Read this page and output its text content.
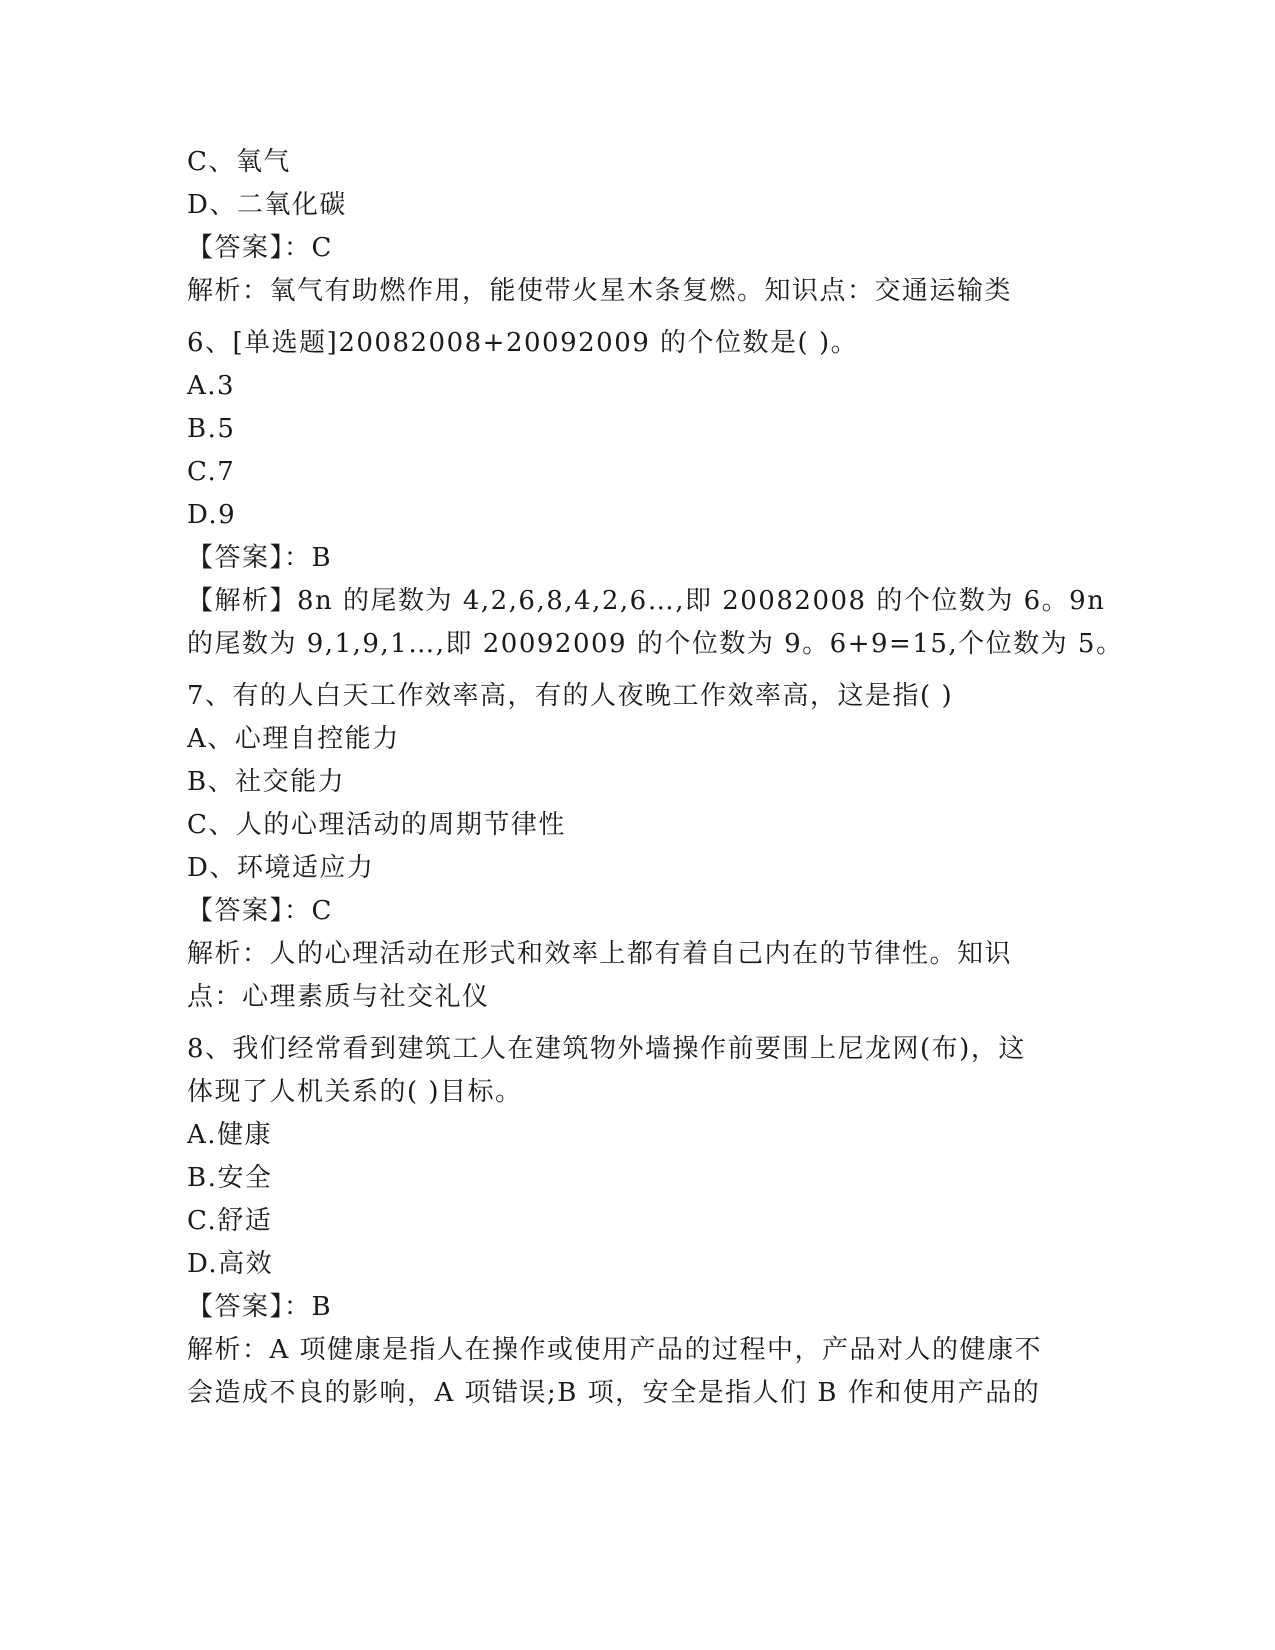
C、氧气
D、二氧化碳
【答案】：C
解析：氧气有助燃作用，能使带火星木条复燃。知识点：交通运输类
6、[单选题]20082008+20092009 的个位数是( )。
A.3
B.5
C.7
D.9
【答案】：B
【解析】8n 的尾数为 4,2,6,8,4,2,6…,即 20082008 的个位数为 6。9n
的尾数为 9,1,9,1…,即 20092009 的个位数为 9。6+9=15,个位数为 5。
7、有的人白天工作效率高，有的人夜晚工作效率高，这是指( )
A、心理自控能力
B、社交能力
C、人的心理活动的周期节律性
D、环境适应力
【答案】：C
解析：人的心理活动在形式和效率上都有着自己内在的节律性。知识
点：心理素质与社交礼仪
8、我们经常看到建筑工人在建筑物外墙操作前要围上尼龙网(布)，这
体现了人机关系的( )目标。
A.健康
B.安全
C.舒适
D.高效
【答案】：B
解析：A 项健康是指人在操作或使用产品的过程中，产品对人的健康不
会造成不良的影响，A 项错误;B 项，安全是指人们 B 作和使用产品的
